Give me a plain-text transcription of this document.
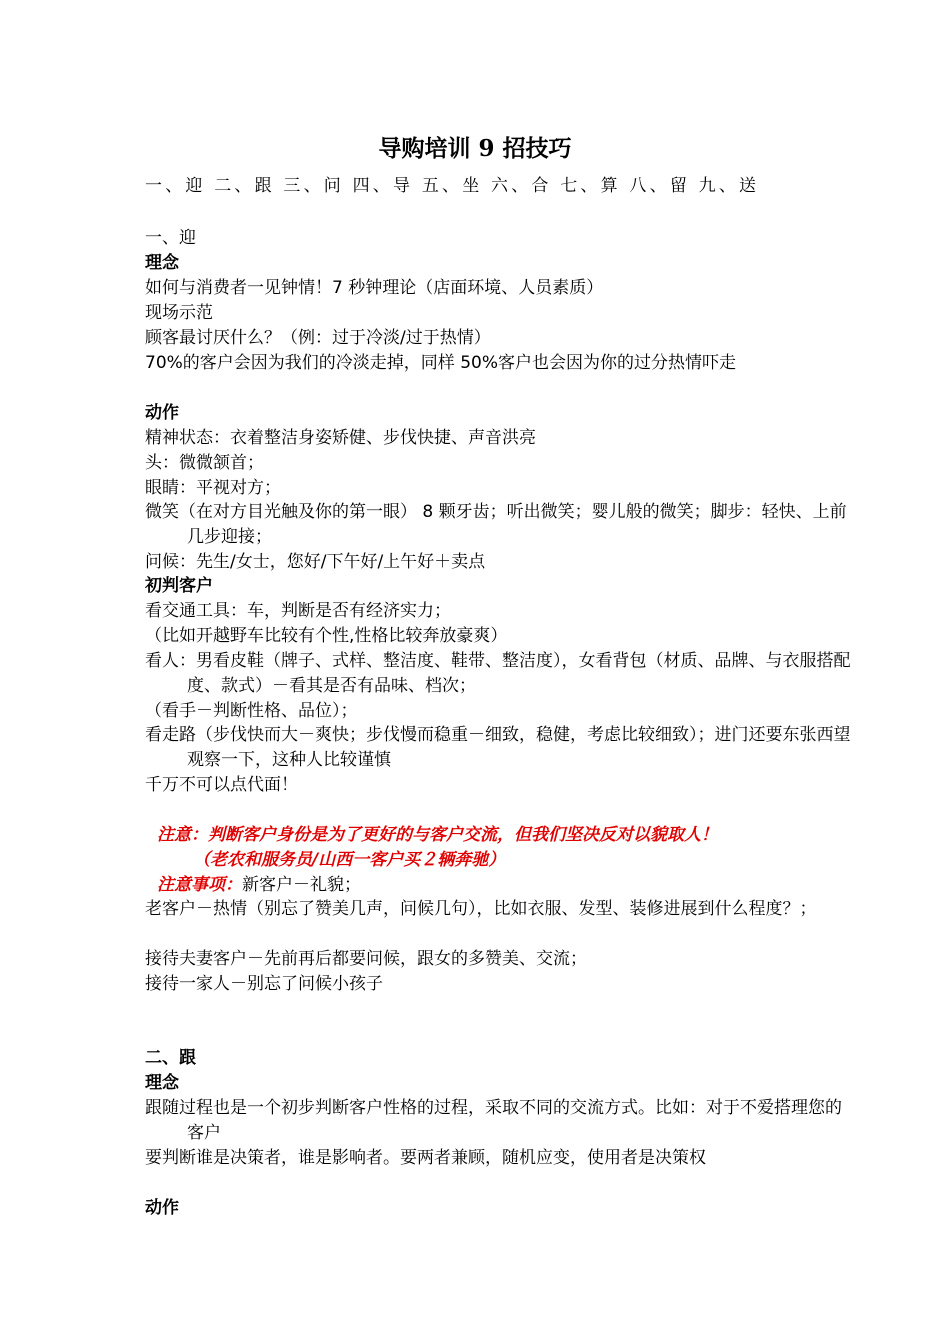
导购培训 9 招技巧
一、迎 二、跟 三、问 四、导 五、坐 六、合 七、算 八、留 九、送
一、迎
理念
如何与消费者一见钟情！7 秒钟理论（店面环境、人员素质）
现场示范
顾客最讨厌什么？（例：过于冷淡/过于热情）
70%的客户会因为我们的冷淡走掉，同样 50%客户也会因为你的过分热情吓走
动作
精神状态：衣着整洁身姿矫健、步伐快捷、声音洪亮
头：微微颔首；
眼睛：平视对方；
微笑（在对方目光触及你的第一眼） 8 颗牙齿；听出微笑；婴儿般的微笑；脚步：轻快、上前几步迎接；
问候：先生/女士，您好/下午好/上午好＋卖点
初判客户
看交通工具：车，判断是否有经济实力；
（比如开越野车比较有个性,性格比较奔放豪爽）
看人：男看皮鞋（牌子、式样、整洁度、鞋带、整洁度），女看背包（材质、品牌、与衣服搭配度、款式）－看其是否有品味、档次；
（看手－判断性格、品位）；
看走路（步伐快而大－爽快；步伐慢而稳重－细致，稳健，考虑比较细致）；进门还要东张西望观察一下，这种人比较谨慎
千万不可以点代面！
注意：判断客户身份是为了更好的与客户交流，但我们坚决反对以貌取人！
（老农和服务员/山西一客户买２辆奔驰）
注意事项：新客户－礼貌；
老客户－热情（别忘了赞美几声，问候几句），比如衣服、发型、装修进展到什么程度？；
接待夫妻客户－先前再后都要问候，跟女的多赞美、交流；
接待一家人－别忘了问候小孩子
二、跟
理念
跟随过程也是一个初步判断客户性格的过程，采取不同的交流方式。比如：对于不爱搭理您的客户
要判断谁是决策者，谁是影响者。要两者兼顾，随机应变，使用者是决策权
动作
